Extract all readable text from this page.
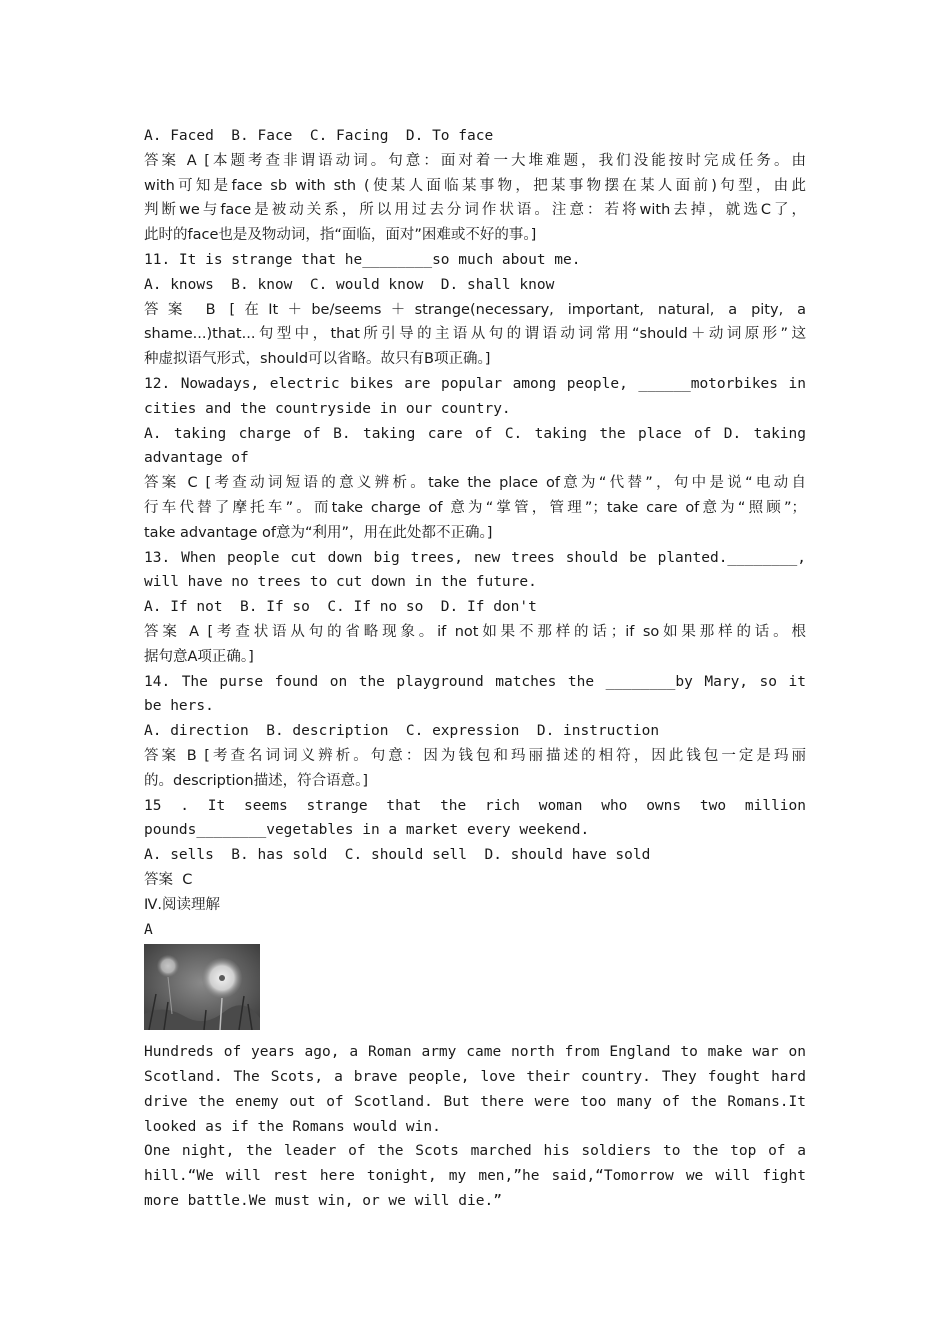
A. Faced  B. Face  C. Facing  D. To face
答案 A [本题考查非谓语动词。句意：面对着一大堆难题，我们没能按时完成任务。由
with可知是face sb with sth (使某人面临某事物，把某事物摆在某人面前)句型，由此
判断we与face是被动关系，所以用过去分词作状语。注意：若将with去掉，就选C了，
此时的face也是及物动词，指“面临，面对”困难或不好的事。]
11. It is strange that he________so much about me.
A. knows  B. know  C. would know  D. shall know
答案 B [在It＋be/seems＋strange(necessary, important, natural, a pity, a
shame...)that...句型中，that所引导的主语从句的谓语动词常用“should＋动词原形”这
种虚拟语气形式，should可以省略。故只有B项正确。]
12. Nowadays, electric bikes are popular among people, ______motorbikes in
cities and the countryside in our country.
A. taking charge of B. taking care of C. taking the place of D. taking
advantage of
答案 C [考查动词短语的意义辨析。take the place of意为“代替”，句中是说“电动自
行车代替了摩托车”。而take charge of 意为“掌管，管理”；take care of意为“照顾”；
take advantage of意为“利用”，用在此处都不正确。]
13. When people cut down big trees, new trees should be planted.________,
will have no trees to cut down in the future.
A. If not  B. If so  C. If no so  D. If don't
答案 A [考查状语从句的省略现象。if not如果不那样的话；if so如果那样的话。根
据句意A项正确。]
14. The purse found on the playground matches the ________by Mary, so it
be hers.
A. direction  B. description  C. expression  D. instruction
答案 B [考查名词词义辨析。句意：因为钱包和玛丽描述的相符，因此钱包一定是玛丽
的。description描述，符合语意。]
15 . It seems strange that the rich woman who owns two million
pounds________vegetables in a market every weekend.
A. sells  B. has sold  C. should sell  D. should have sold
答案  C
Ⅳ.阅读理解
A
Hundreds of years ago, a Roman army came north from England to make war on
Scotland. The Scots, a brave people, love their country. They fought hard
drive the enemy out of Scotland. But there were too many of the Romans.It
looked as if the Romans would win.
One night, the leader of the Scots marched his soldiers to the top of a
hill.“We will rest here tonight, my men,”he said,“Tomorrow we will fight
more battle.We must win, or we will die.”
